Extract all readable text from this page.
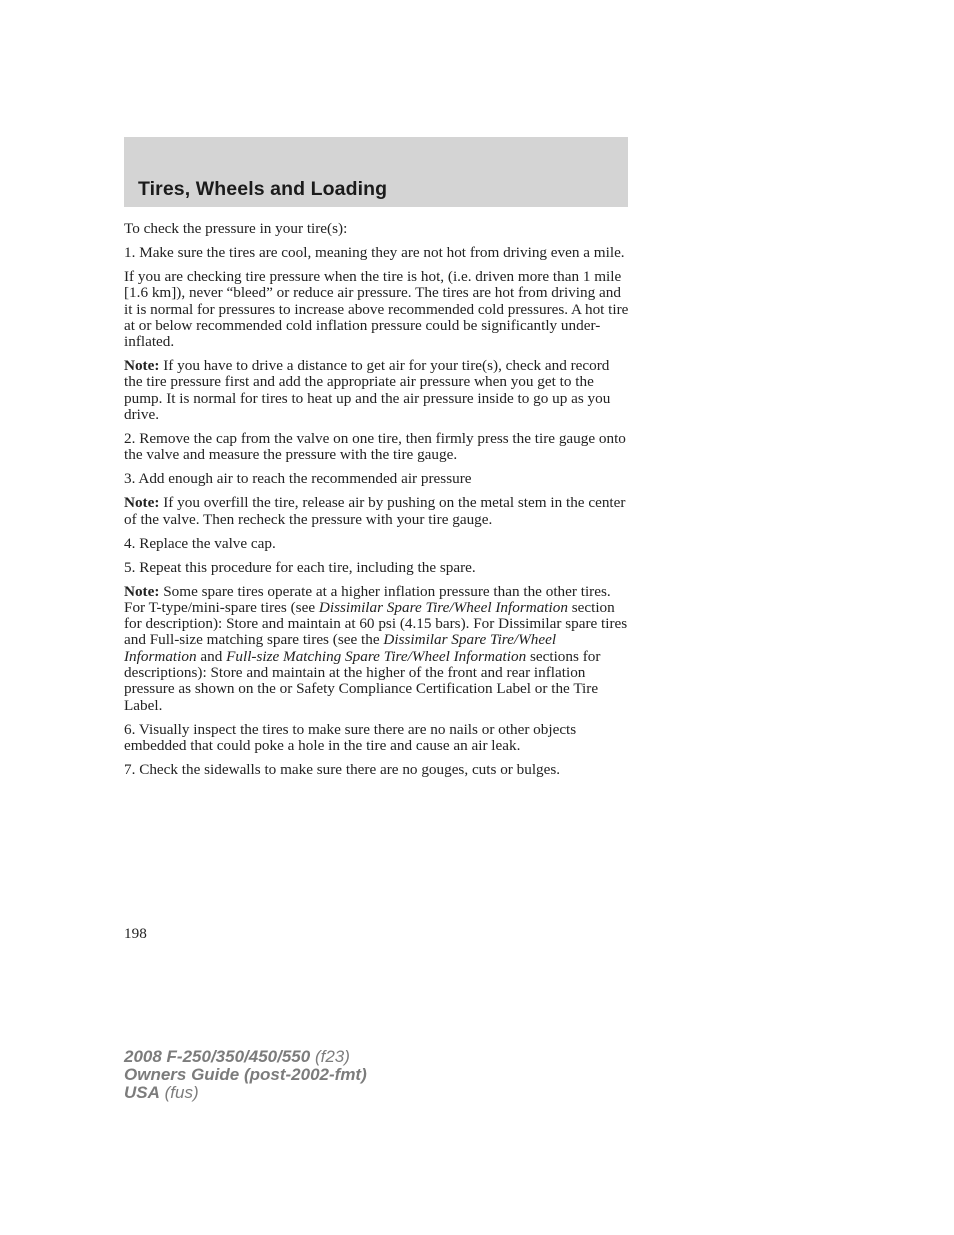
Tires, Wheels and Loading

To check the pressure in your tire(s):

1. Make sure the tires are cool, meaning they are not hot from driving even a mile.

If you are checking tire pressure when the tire is hot, (i.e. driven more than 1 mile [1.6 km]), never “bleed” or reduce air pressure. The tires are hot from driving and it is normal for pressures to increase above recommended cold pressures. A hot tire at or below recommended cold inflation pressure could be significantly under-inflated.

Note: If you have to drive a distance to get air for your tire(s), check and record the tire pressure first and add the appropriate air pressure when you get to the pump. It is normal for tires to heat up and the air pressure inside to go up as you drive.

2. Remove the cap from the valve on one tire, then firmly press the tire gauge onto the valve and measure the pressure with the tire gauge.

3. Add enough air to reach the recommended air pressure

Note: If you overfill the tire, release air by pushing on the metal stem in the center of the valve. Then recheck the pressure with your tire gauge.

4. Replace the valve cap.

5. Repeat this procedure for each tire, including the spare.

Note: Some spare tires operate at a higher inflation pressure than the other tires. For T-type/mini-spare tires (see Dissimilar Spare Tire/Wheel Information section for description): Store and maintain at 60 psi (4.15 bars). For Dissimilar spare tires and Full-size matching spare tires (see the Dissimilar Spare Tire/Wheel Information and Full-size Matching Spare Tire/Wheel Information sections for descriptions): Store and maintain at the higher of the front and rear inflation pressure as shown on the or Safety Compliance Certification Label or the Tire Label.

6. Visually inspect the tires to make sure there are no nails or other objects embedded that could poke a hole in the tire and cause an air leak.

7. Check the sidewalls to make sure there are no gouges, cuts or bulges.

198
2008 F-250/350/450/550 (f23)
Owners Guide (post-2002-fmt)
USA (fus)
